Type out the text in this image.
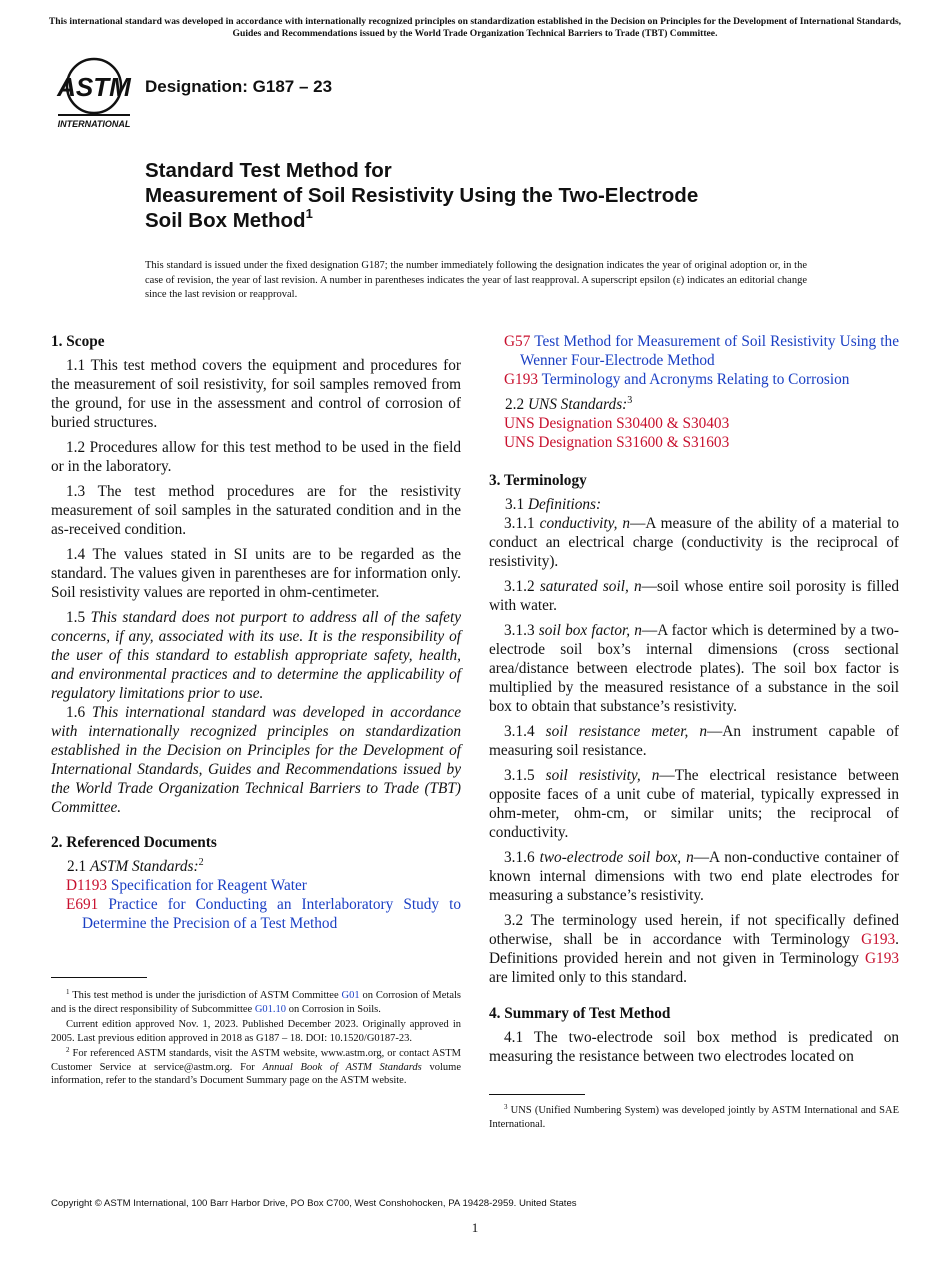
This international standard was developed in accordance with internationally recognized principles on standardization established in the Decision on Principles for the Development of International Standards, Guides and Recommendations issued by the World Trade Organization Technical Barriers to Trade (TBT) Committee.
ASTM
INTERNATIONAL
Designation: G187 – 23
Standard Test Method for
Measurement of Soil Resistivity Using the Two-Electrode
Soil Box Method$^1$
This standard is issued under the fixed designation G187; the number immediately following the designation indicates the year of original adoption or, in the case of revision, the year of last revision. A number in parentheses indicates the year of last reapproval. A superscript epsilon (ε) indicates an editorial change since the last revision or reapproval.
1. Scope

1.1 This test method covers the equipment and procedures for the measurement of soil resistivity, for soil samples removed from the ground, for use in the assessment and control of corrosion of buried structures.

1.2 Procedures allow for this test method to be used in the field or in the laboratory.

1.3 The test method procedures are for the resistivity measurement of soil samples in the saturated condition and in the as-received condition.

1.4 The values stated in SI units are to be regarded as the standard. The values given in parentheses are for information only. Soil resistivity values are reported in ohm-centimeter.

1.5 This standard does not purport to address all of the safety concerns, if any, associated with its use. It is the responsibility of the user of this standard to establish appropriate safety, health, and environmental practices and to determine the applicability of regulatory limitations prior to use.

1.6 This international standard was developed in accordance with internationally recognized principles on standardization established in the Decision on Principles for the Development of International Standards, Guides and Recommendations issued by the World Trade Organization Technical Barriers to Trade (TBT) Committee.

2. Referenced Documents

2.1 ASTM Standards:$^2$

D1193 Specification for Reagent Water

E691 Practice for Conducting an Interlaboratory Study to Determine the Precision of a Test Method

$^1$ This test method is under the jurisdiction of ASTM Committee G01 on Corrosion of Metals and is the direct responsibility of Subcommittee G01.10 on Corrosion in Soils.

Current edition approved Nov. 1, 2023. Published December 2023. Originally approved in 2005. Last previous edition approved in 2018 as G187 – 18. DOI: 10.1520/G0187-23.

$^2$ For referenced ASTM standards, visit the ASTM website, www.astm.org, or contact ASTM Customer Service at service@astm.org. For Annual Book of ASTM Standards volume information, refer to the standard’s Document Summary page on the ASTM website.

G57 Test Method for Measurement of Soil Resistivity Using the Wenner Four-Electrode Method

G193 Terminology and Acronyms Relating to Corrosion

2.2 UNS Standards:$^3$

UNS Designation S30400 & S30403

UNS Designation S31600 & S31603

3. Terminology

3.1 Definitions:

3.1.1 conductivity, n—A measure of the ability of a material to conduct an electrical charge (conductivity is the reciprocal of resistivity).

3.1.2 saturated soil, n—soil whose entire soil porosity is filled with water.

3.1.3 soil box factor, n—A factor which is determined by a two-electrode soil box’s internal dimensions (cross sectional area/distance between electrode plates). The soil box factor is multiplied by the measured resistance of a substance in the soil box to obtain that substance’s resistivity.

3.1.4 soil resistance meter, n—An instrument capable of measuring soil resistance.

3.1.5 soil resistivity, n—The electrical resistance between opposite faces of a unit cube of material, typically expressed in ohm-meter, ohm-cm, or similar units; the reciprocal of conductivity.

3.1.6 two-electrode soil box, n—A non-conductive container of known internal dimensions with two end plate electrodes for measuring a substance’s resistivity.

3.2 The terminology used herein, if not specifically defined otherwise, shall be in accordance with Terminology G193. Definitions provided herein and not given in Terminology G193 are limited only to this standard.

4. Summary of Test Method

4.1 The two-electrode soil box method is predicated on measuring the resistance between two electrodes located on

$^3$ UNS (Unified Numbering System) was developed jointly by ASTM International and SAE International.

Copyright © ASTM International, 100 Barr Harbor Drive, PO Box C700, West Conshohocken, PA 19428-2959. United States
1
